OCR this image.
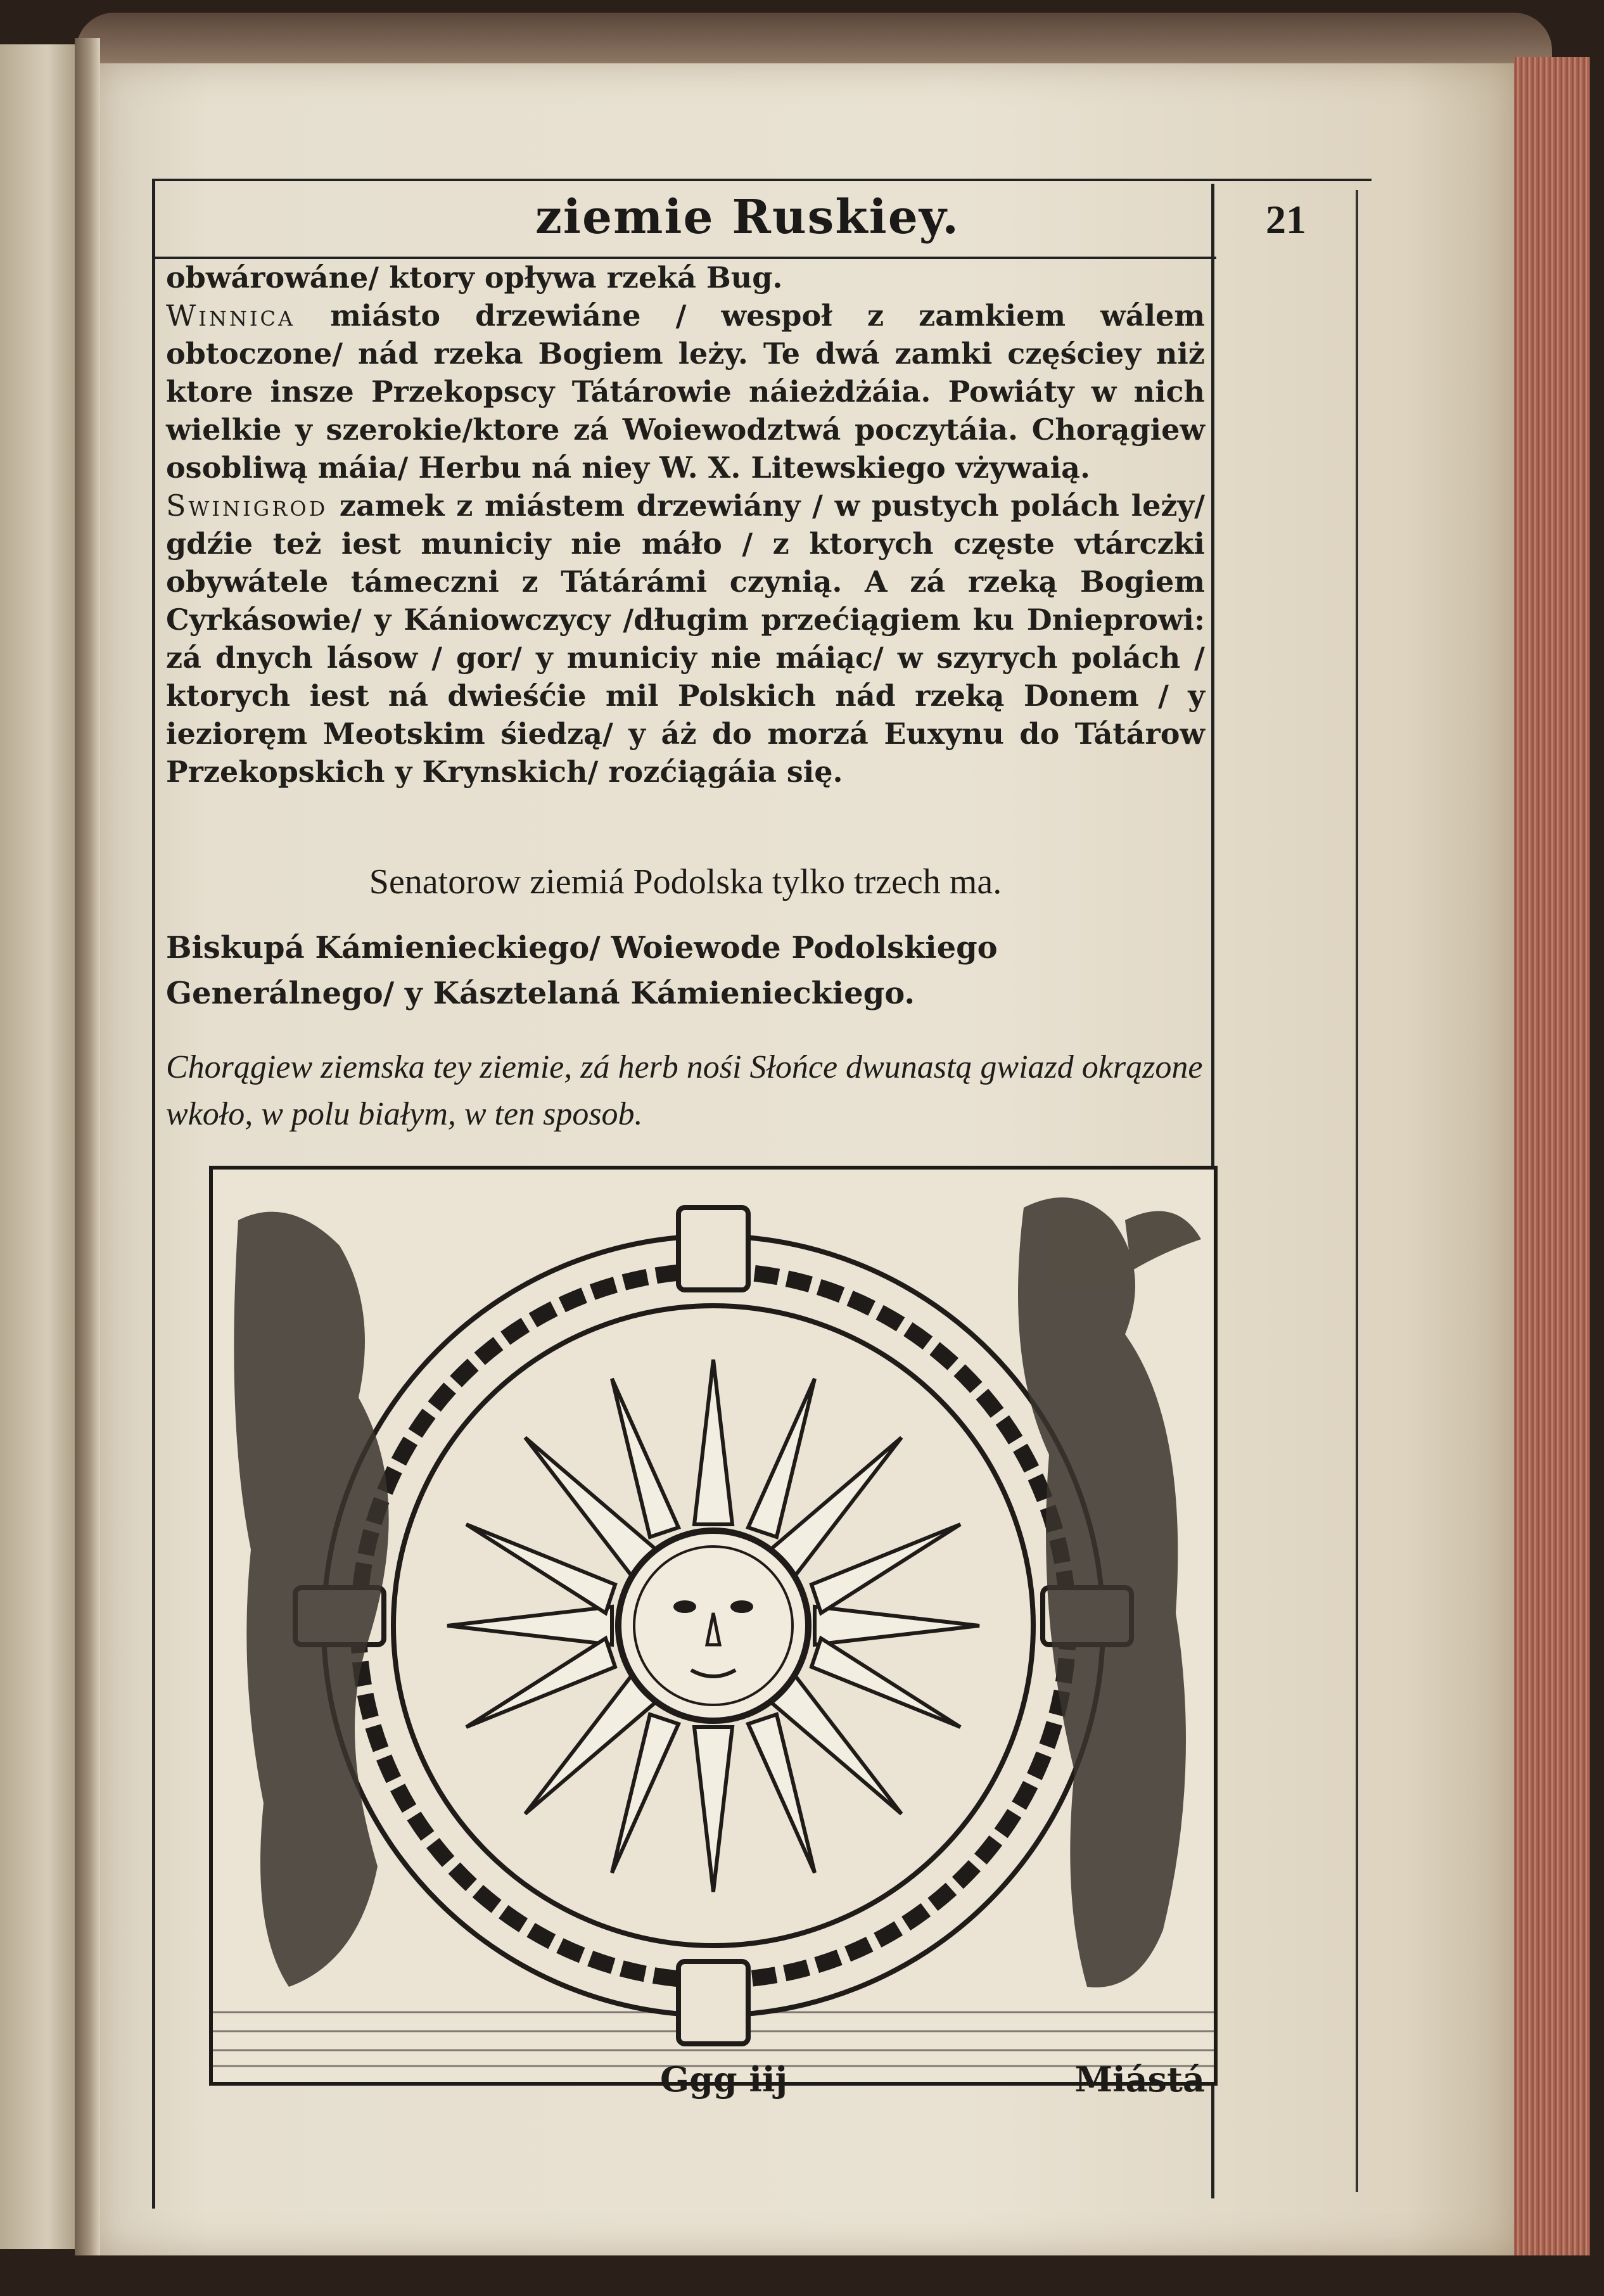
ziemie Ruskiey.	21

obwárowáne/ ktory opływa rzeká Bug.

Winnica miásto drzewiáne / wespoł z zamkiem wálem obtoczone/ nád rzeka Bogiem leży. Te dwá zamki częściey niż ktore insze Przekopscy Tátárowie náieżdżáia. Powiáty w nich wielkie y szerokie/ktore zá Woiewodztwá poczytáia. Chorągiew osobliwą máia/ Herbu ná niey W. X. Litewskiego vżywaią.

Swinigrod zamek z miástem drzewiány / w pustych polách leży/ gdźie też iest municiy nie máło / z ktorych częste vtárczki obywátele támeczni z Tátárámi czynią. A zá rzeką Bogiem Cyrkásowie/ y Kániowczycy /długim przećiągiem ku Dnieprowi: zá dnych lásow / gor/ y municiy nie máiąc/ w szyrych polách / ktorych iest ná dwieśćie mil Polskich nád rzeką Donem / y iezioręm Meotskim śiedzą/ y áż do morzá Euxynu do Tátárow Przekopskich y Krynskich/ rozćiągáia się.

Senatorow ziemiá Podolska tylko trzech ma.
Biskupá Kámienieckiego/ Woiewode Podolskiego Generálnego/ y Kásztelaná Kámienieckiego.
Chorągiew ziemska tey ziemie, zá herb nośi Słońce dwunastą gwiazd okrązone wkoło, w polu białym, w ten sposob.
Ggg iij	Miástá
